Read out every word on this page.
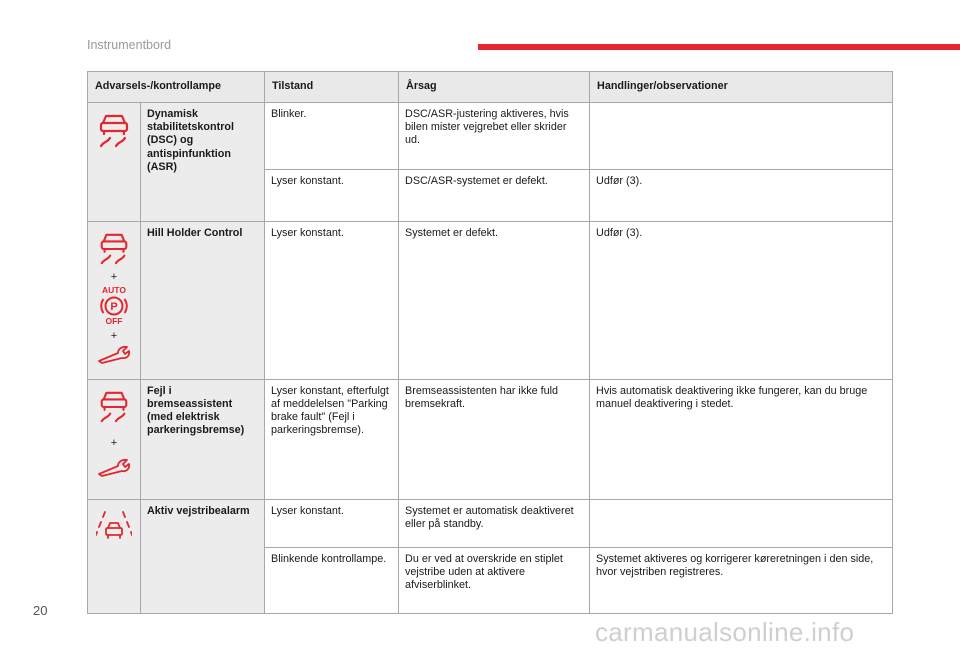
Instrumentbord
Advarsels-/kontrollampe		Tilstand	Årsag	Handlinger/observationer
	Dynamisk stabilitetskontrol (DSC) og antispinfunktion (ASR)	Blinker.	DSC/ASR-justering aktiveres, hvis bilen mister vejgrebet eller skrider ud.	
		Lyser konstant.	DSC/ASR-systemet er defekt.	Udfør (3).

+
AUTO
P
OFF
+	Hill Holder Control	Lyser konstant.	Systemet er defekt.	Udfør (3).

+	Fejl i bremseassistent (med elektrisk parkeringsbremse)	Lyser konstant, efterfulgt af meddelelsen "Parking brake fault" (Fejl i parkeringsbremse).	Bremseassistenten har ikke fuld bremsekraft.	Hvis automatisk deaktivering ikke fungerer, kan du bruge manuel deaktivering i stedet.
	Aktiv vejstribealarm	Lyser konstant.	Systemet er automatisk deaktiveret eller på standby.	
		Blinkende kontrollampe.	Du er ved at overskride en stiplet vejstribe uden at aktivere afviserblinket.	Systemet aktiveres og korrigerer køreretningen i den side, hvor vejstriben registreres.
20
carmanualsonline.info
